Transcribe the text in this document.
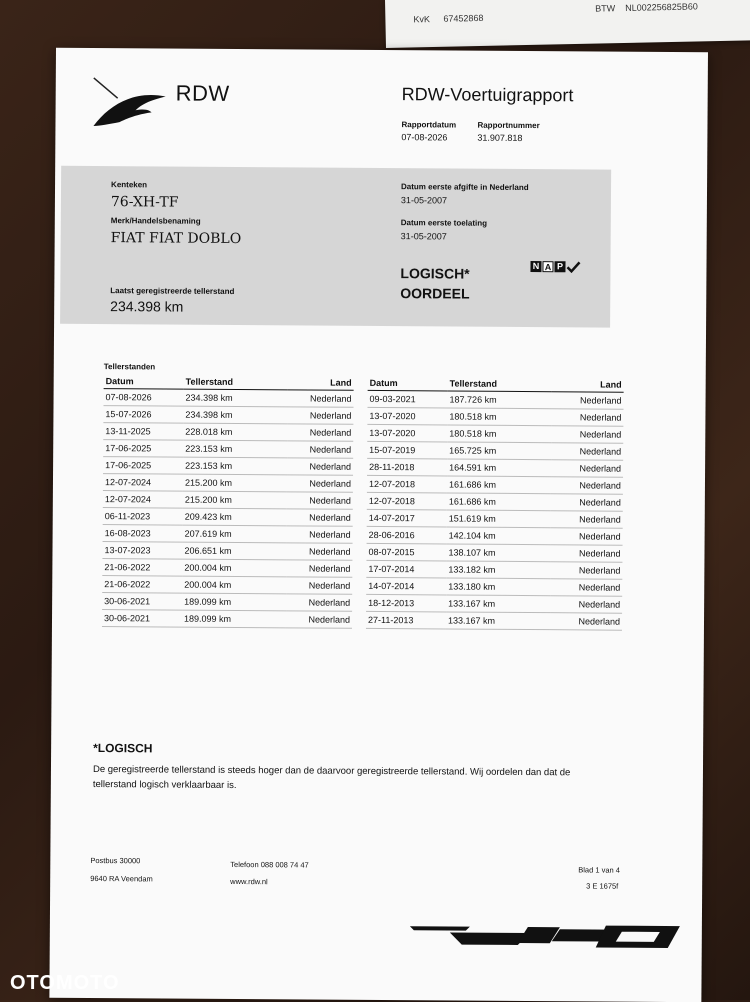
KvK 67452868
BTW NL002256825B60
RDW	RDW-Voertuigrapport
Rapportdatum
07-08-2026
Rapportnummer
31.907.818
Kenteken
76-XH-TF
Merk/Handelsbenaming
FIAT FIAT DOBLO
Laatst geregistreerde tellerstand
234.398 km
Datum eerste afgifte in Nederland
31-05-2007
Datum eerste toelating
31-05-2007
LOGISCH*
OORDEEL
N A P
Tellerstanden
Datum	Tellerstand	Land
07-08-2026	234.398 km	Nederland
15-07-2026	234.398 km	Nederland
13-11-2025	228.018 km	Nederland
17-06-2025	223.153 km	Nederland
17-06-2025	223.153 km	Nederland
12-07-2024	215.200 km	Nederland
12-07-2024	215.200 km	Nederland
06-11-2023	209.423 km	Nederland
16-08-2023	207.619 km	Nederland
13-07-2023	206.651 km	Nederland
21-06-2022	200.004 km	Nederland
21-06-2022	200.004 km	Nederland
30-06-2021	189.099 km	Nederland
30-06-2021	189.099 km	Nederland
Datum	Tellerstand	Land
09-03-2021	187.726 km	Nederland
13-07-2020	180.518 km	Nederland
13-07-2020	180.518 km	Nederland
15-07-2019	165.725 km	Nederland
28-11-2018	164.591 km	Nederland
12-07-2018	161.686 km	Nederland
12-07-2018	161.686 km	Nederland
14-07-2017	151.619 km	Nederland
28-06-2016	142.104 km	Nederland
08-07-2015	138.107 km	Nederland
17-07-2014	133.182 km	Nederland
14-07-2014	133.180 km	Nederland
18-12-2013	133.167 km	Nederland
27-11-2013	133.167 km	Nederland
*LOGISCH
De geregistreerde tellerstand is steeds hoger dan de daarvoor geregistreerde tellerstand. Wij oordelen dan dat de tellerstand logisch verklaarbaar is.
Postbus 30000
9640 RA Veendam
Telefoon 088 008 74 47
www.rdw.nl
Blad 1 van 4
3 E 1675f
OTOMOTO
